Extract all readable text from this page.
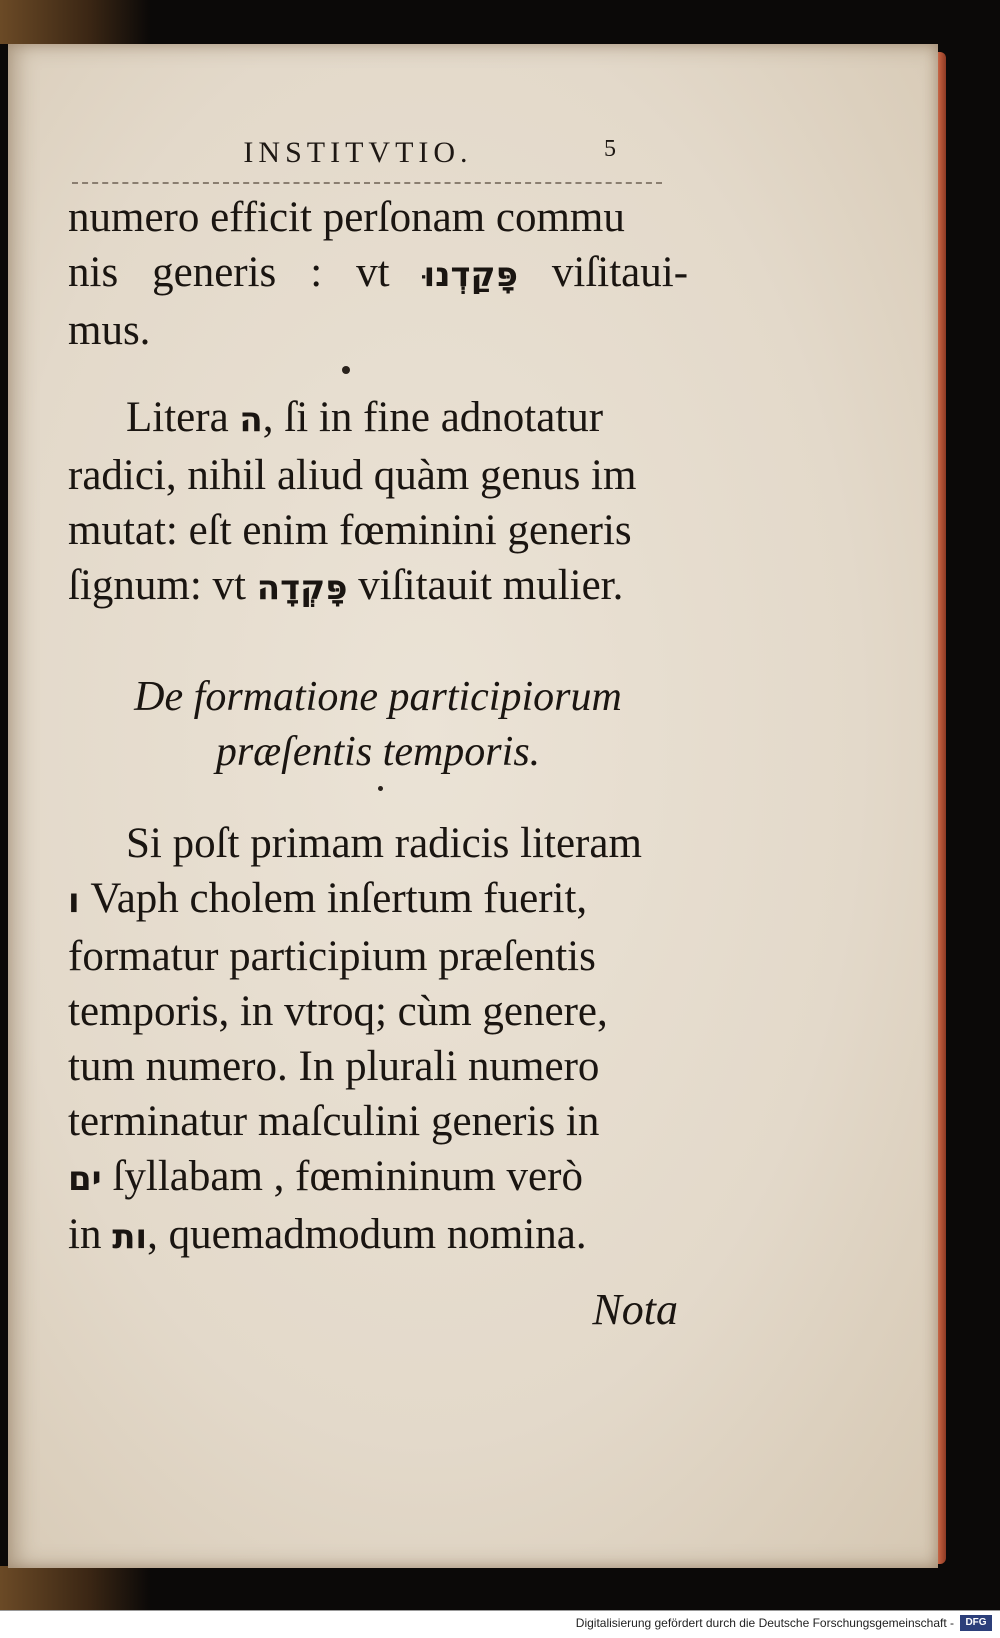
INSTITVTIO.	5
numero efficit perſonam commu
nis generis : vt פָּקַדְנוּ viſitaui-
mus.
Litera ה, ſi in fine adnotatur
radici, nihil aliud quàm genus im
mutat: eſt enim fœminini generis
ſignum: vt פָּקְדָה viſitauit mulier.
De formatione participiorum
præſentis temporis.
Si poſt primam radicis literam
ו Vaph cholem inſertum fuerit,
formatur participium præſentis
temporis, in vtroq; cùm genere,
tum numero. In plurali numero
terminatur maſculini generis in
ים ſyllabam , fœmininum verò
in ות, quemadmodum nomina.
Nota
Digitalisierung gefördert durch die Deutsche Forschungsgemeinschaft -	DFG
